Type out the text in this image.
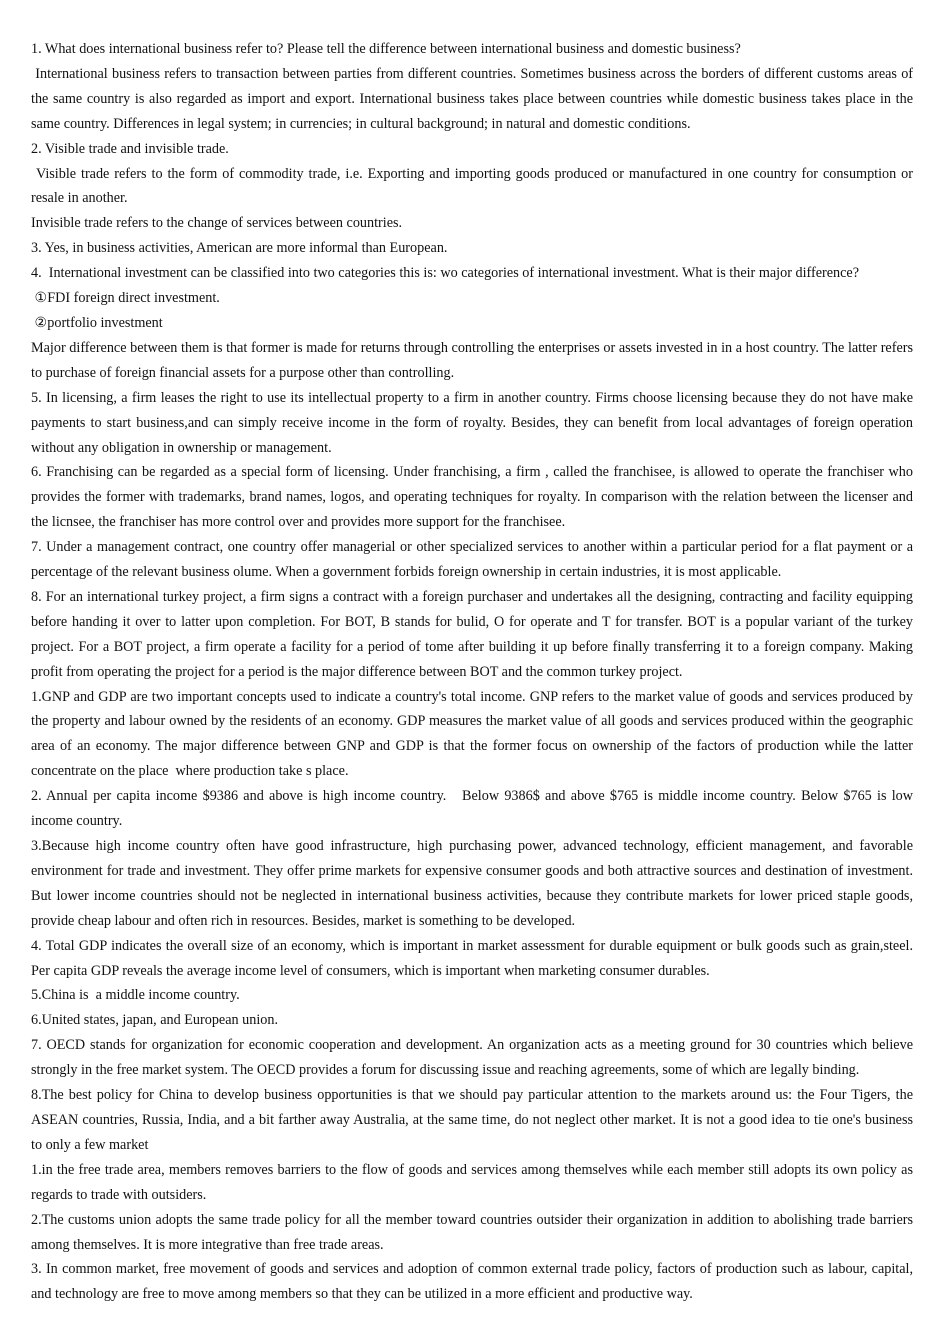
1. What does international business refer to? Please tell the difference between international business and domestic business?

International business refers to transaction between parties from different countries. Sometimes business across the borders of different customs areas of the same country is also regarded as import and export. International business takes place between countries while domestic business takes place in the same country. Differences in legal system; in currencies; in cultural background; in natural and domestic conditions.

2. Visible trade and invisible trade.

Visible trade refers to the form of commodity trade, i.e. Exporting and importing goods produced or manufactured in one country for consumption or resale in another.

Invisible trade refers to the change of services between countries.

3. Yes, in business activities, American are more informal than European.

4.  International investment can be classified into two categories this is: wo categories of international investment. What is their major difference?

①FDI foreign direct investment.

②portfolio investment

Major difference between them is that former is made for returns through controlling the enterprises or assets invested in in a host country. The latter refers to purchase of foreign financial assets for a purpose other than controlling.

5. In licensing, a firm leases the right to use its intellectual property to a firm in another country. Firms choose licensing because they do not have make payments to start business,and can simply receive income in the form of royalty. Besides, they can benefit from local advantages of foreign operation without any obligation in ownership or management.

6. Franchising can be regarded as a special form of licensing. Under franchising, a firm , called the franchisee, is allowed to operate the franchiser who provides the former with trademarks, brand names, logos, and operating techniques for royalty. In comparison with the relation between the licenser and the licnsee, the franchiser has more control over and provides more support for the franchisee.

7. Under a management contract, one country offer managerial or other specialized services to another within a particular period for a flat payment or a percentage of the relevant business olume. When a government forbids foreign ownership in certain industries, it is most applicable.

8. For an international turkey project, a firm signs a contract with a foreign purchaser and undertakes all the designing, contracting and facility equipping before handing it over to latter upon completion. For BOT, B stands for bulid, O for operate and T for transfer. BOT is a popular variant of the turkey project. For a BOT project, a firm operate a facility for a period of tome after building it up before finally transferring it to a foreign company. Making profit from operating the project for a period is the major difference between BOT and the common turkey project.

1.GNP and GDP are two important concepts used to indicate a country's total income. GNP refers to the market value of goods and services produced by the property and labour owned by the residents of an economy. GDP measures the market value of all goods and services produced within the geographic area of an economy. The major difference between GNP and GDP is that the former focus on ownership of the factors of production while the latter concentrate on the place  where production take s place.

2. Annual per capita income $9386 and above is high income country.   Below 9386$ and above $765 is middle income country. Below $765 is low income country.

3.Because high income country often have good infrastructure, high purchasing power, advanced technology, efficient management, and favorable environment for trade and investment. They offer prime markets for expensive consumer goods and both attractive sources and destination of investment. But lower income countries should not be neglected in international business activities, because they contribute markets for lower priced staple goods, provide cheap labour and often rich in resources. Besides, market is something to be developed.

4. Total GDP indicates the overall size of an economy, which is important in market assessment for durable equipment or bulk goods such as grain,steel. Per capita GDP reveals the average income level of consumers, which is important when marketing consumer durables.

5.China is  a middle income country.

6.United states, japan, and European union.

7. OECD stands for organization for economic cooperation and development. An organization acts as a meeting ground for 30 countries which believe strongly in the free market system. The OECD provides a forum for discussing issue and reaching agreements, some of which are legally binding.

8.The best policy for China to develop business opportunities is that we should pay particular attention to the markets around us: the Four Tigers, the ASEAN countries, Russia, India, and a bit farther away Australia, at the same time, do not neglect other market. It is not a good idea to tie one's business to only a few market

1.in the free trade area, members removes barriers to the flow of goods and services among themselves while each member still adopts its own policy as regards to trade with outsiders.

2.The customs union adopts the same trade policy for all the member toward countries outsider their organization in addition to abolishing trade barriers among themselves. It is more integrative than free trade areas.

3. In common market, free movement of goods and services and adoption of common external trade policy, factors of production such as labour, capital, and technology are free to move among members so that they can be utilized in a more efficient and productive way.
